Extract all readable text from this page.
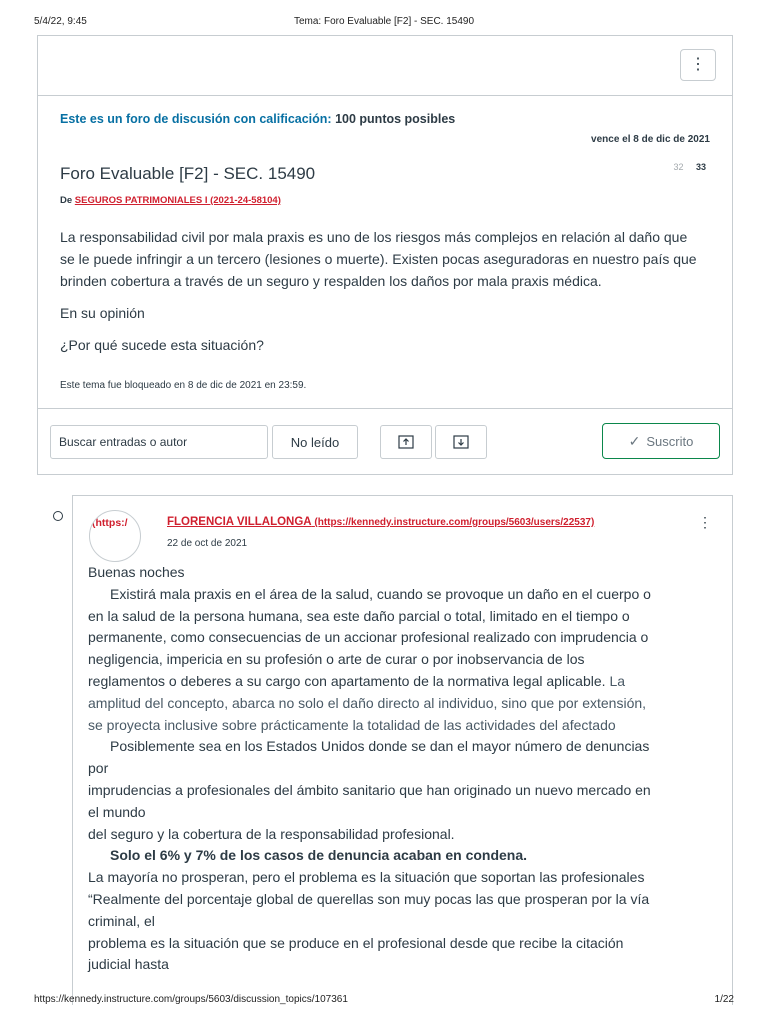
5/4/22, 9:45	Tema: Foro Evaluable [F2] - SEC. 15490
⋮
Este es un foro de discusión con calificación: 100 puntos posibles
vence el 8 de dic de 2021
Foro Evaluable [F2] - SEC. 15490	32 33
De SEGUROS PATRIMONIALES I (2021-24-58104)

La responsabilidad civil por mala praxis es uno de los riesgos más complejos en relación al daño que se le puede infringir a un tercero (lesiones o muerte). Existen pocas aseguradoras en nuestro país que brinden cobertura a través de un seguro y respalden los daños por mala praxis médica.

En su opinión

¿Por qué sucede esta situación?

Este tema fue bloqueado en 8 de dic de 2021 en 23:59.
Buscar entradas o autor
No leído	✓ Suscrito
(https:/	FLORENCIA VILLALONGA (https://kennedy.instructure.com/groups/5603/users/22537)
22 de oct de 2021
⋮
Buenas noches
Existirá mala praxis en el área de la salud, cuando se provoque un daño en el cuerpo o
en la salud de la persona humana, sea este daño parcial o total, limitado en el tiempo o
permanente, como consecuencias de un accionar profesional realizado con imprudencia o
negligencia, impericia en su profesión o arte de curar o por inobservancia de los
reglamentos o deberes a su cargo con apartamento de la normativa legal aplicable. La
amplitud del concepto, abarca no solo el daño directo al individuo, sino que por extensión,
se proyecta inclusive sobre prácticamente la totalidad de las actividades del afectado
Posiblemente sea en los Estados Unidos donde se dan el mayor número de denuncias
por
imprudencias a profesionales del ámbito sanitario que han originado un nuevo mercado en
el mundo
del seguro y la cobertura de la responsabilidad profesional.
Solo el 6% y 7% de los casos de denuncia acaban en condena.
La mayoría no prosperan, pero el problema es la situación que soportan las profesionales
“Realmente del porcentaje global de querellas son muy pocas las que prosperan por la vía
criminal, el
problema es la situación que se produce en el profesional desde que recibe la citación
judicial hasta
https://kennedy.instructure.com/groups/5603/discussion_topics/107361	1/22
